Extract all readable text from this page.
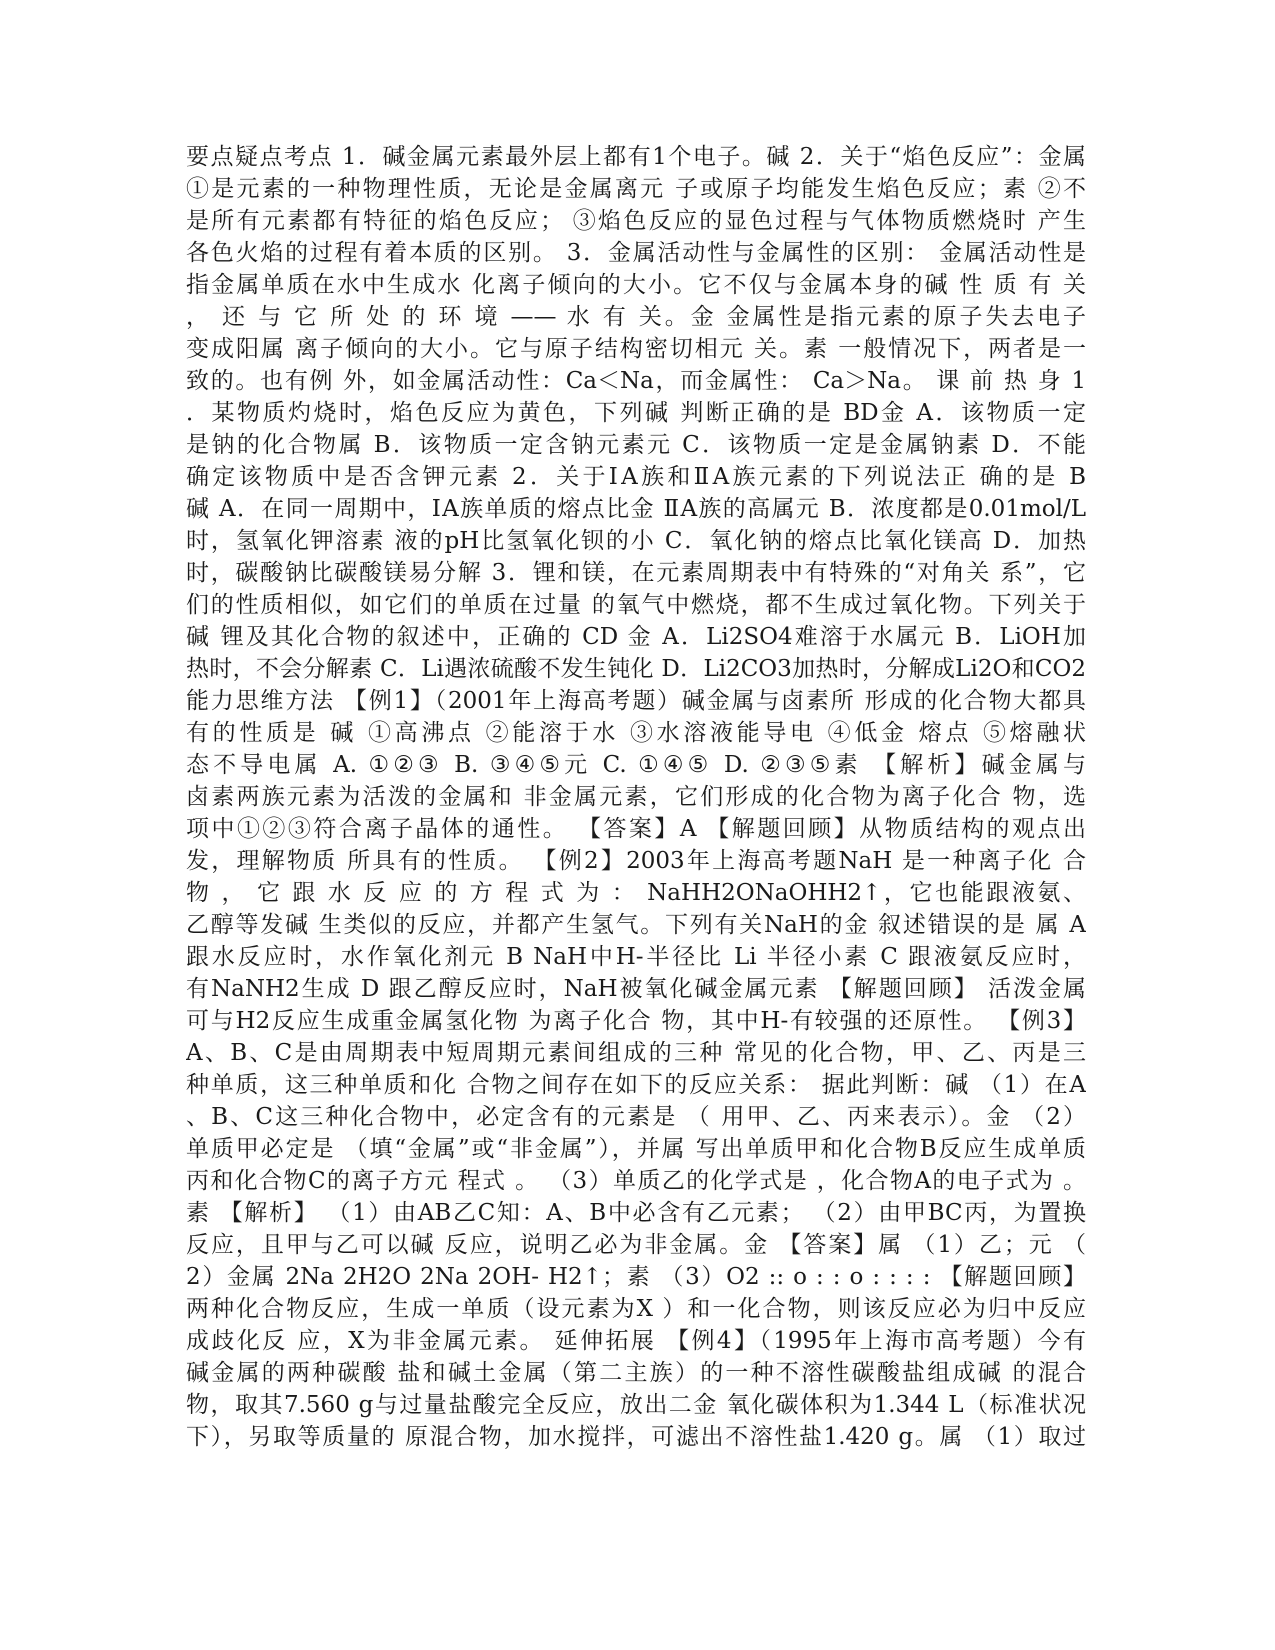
要点疑点考点 1．碱金属元素最外层上都有1个电子。碱 2．关于“焰色反应”：金属
①是元素的一种物理性质，无论是金属离元 子或原子均能发生焰色反应；素 ②不
是所有元素都有特征的焰色反应； ③焰色反应的显色过程与气体物质燃烧时 产生
各色火焰的过程有着本质的区别。 3．金属活动性与金属性的区别： 金属活动性是
指金属单质在水中生成水 化离子倾向的大小。它不仅与金属本身的碱 性 质 有 关
， 还 与 它 所 处 的 环 境 —— 水 有 关。金 金属性是指元素的原子失去电子
变成阳属 离子倾向的大小。它与原子结构密切相元 关。素 一般情况下，两者是一
致的。也有例 外，如金属活动性：Ca＜Na，而金属性： Ca＞Na。 课 前 热 身 1
．某物质灼烧时，焰色反应为黄色，下列碱 判断正确的是 BD金 A．该物质一定
是钠的化合物属 B．该物质一定含钠元素元 C．该物质一定是金属钠素 D．不能
确定该物质中是否含钾元素 2．关于ⅠA族和ⅡA族元素的下列说法正 确的是 B
碱 A．在同一周期中，ⅠA族单质的熔点比金 ⅡA族的高属元 B．浓度都是0.01mol/L
时，氢氧化钾溶素 液的pH比氢氧化钡的小 C．氧化钠的熔点比氧化镁高 D．加热
时，碳酸钠比碳酸镁易分解 3．锂和镁，在元素周期表中有特殊的“对角关 系”，它
们的性质相似，如它们的单质在过量 的氧气中燃烧，都不生成过氧化物。下列关于
碱 锂及其化合物的叙述中，正确的 CD 金 A．Li2SO4难溶于水属元 B．LiOH加
热时，不会分解素 C．Li遇浓硫酸不发生钝化 D．Li2CO3加热时，分解成Li2O和CO2
能力思维方法 【例1】（2001年上海高考题）碱金属与卤素所 形成的化合物大都具
有的性质是 碱 ①高沸点 ②能溶于水 ③水溶液能导电 ④低金 熔点 ⑤熔融状
态不导电属 A. ①②③ B. ③④⑤元 C. ①④⑤ D. ②③⑤素 【解析】碱金属与
卤素两族元素为活泼的金属和 非金属元素，它们形成的化合物为离子化合 物，选
项中①②③符合离子晶体的通性。 【答案】A 【解题回顾】从物质结构的观点出
发，理解物质 所具有的性质。 【例2】2003年上海高考题NaH 是一种离子化 合
物 ， 它 跟 水 反 应 的 方 程 式 为 ： NaHH2ONaOHH2↑，它也能跟液氨、
乙醇等发碱 生类似的反应，并都产生氢气。下列有关NaH的金 叙述错误的是 属 A
跟水反应时，水作氧化剂元 B NaH中H-半径比 Li 半径小素 C 跟液氨反应时，
有NaNH2生成 D 跟乙醇反应时，NaH被氧化碱金属元素 【解题回顾】 活泼金属
可与H2反应生成重金属氢化物 为离子化合 物，其中H-有较强的还原性。 【例3】
A、B、C是由周期表中短周期元素间组成的三种 常见的化合物，甲、乙、丙是三
种单质，这三种单质和化 合物之间存在如下的反应关系： 据此判断：碱 （1）在A
、B、C这三种化合物中，必定含有的元素是 （ 用甲、乙、丙来表示）。金 （2）
单质甲必定是 （填“金属”或“非金属”），并属 写出单质甲和化合物B反应生成单质
丙和化合物C的离子方元 程式 。 （3）单质乙的化学式是 ，化合物A的电子式为 。
素 【解析】 （1）由AB乙C知：A、B中必含有乙元素； （2）由甲BC丙，为置换
反应，且甲与乙可以碱 反应，说明乙必为非金属。金 【答案】属 （1）乙；元 （
2）金属 2Na 2H2O 2Na 2OH- H2↑；素 （3）O2 :: o : : o : : : : 【解题回顾】
两种化合物反应，生成一单质（设元素为X ）和一化合物，则该反应必为归中反应
成歧化反 应，X为非金属元素。 延伸拓展 【例4】（1995年上海市高考题）今有
碱金属的两种碳酸 盐和碱土金属（第二主族）的一种不溶性碳酸盐组成碱 的混合
物，取其7.560 g与过量盐酸完全反应，放出二金 氧化碳体积为1.344 L（标准状况
下），另取等质量的 原混合物，加水搅拌，可滤出不溶性盐1.420 g。属 （1）取过
